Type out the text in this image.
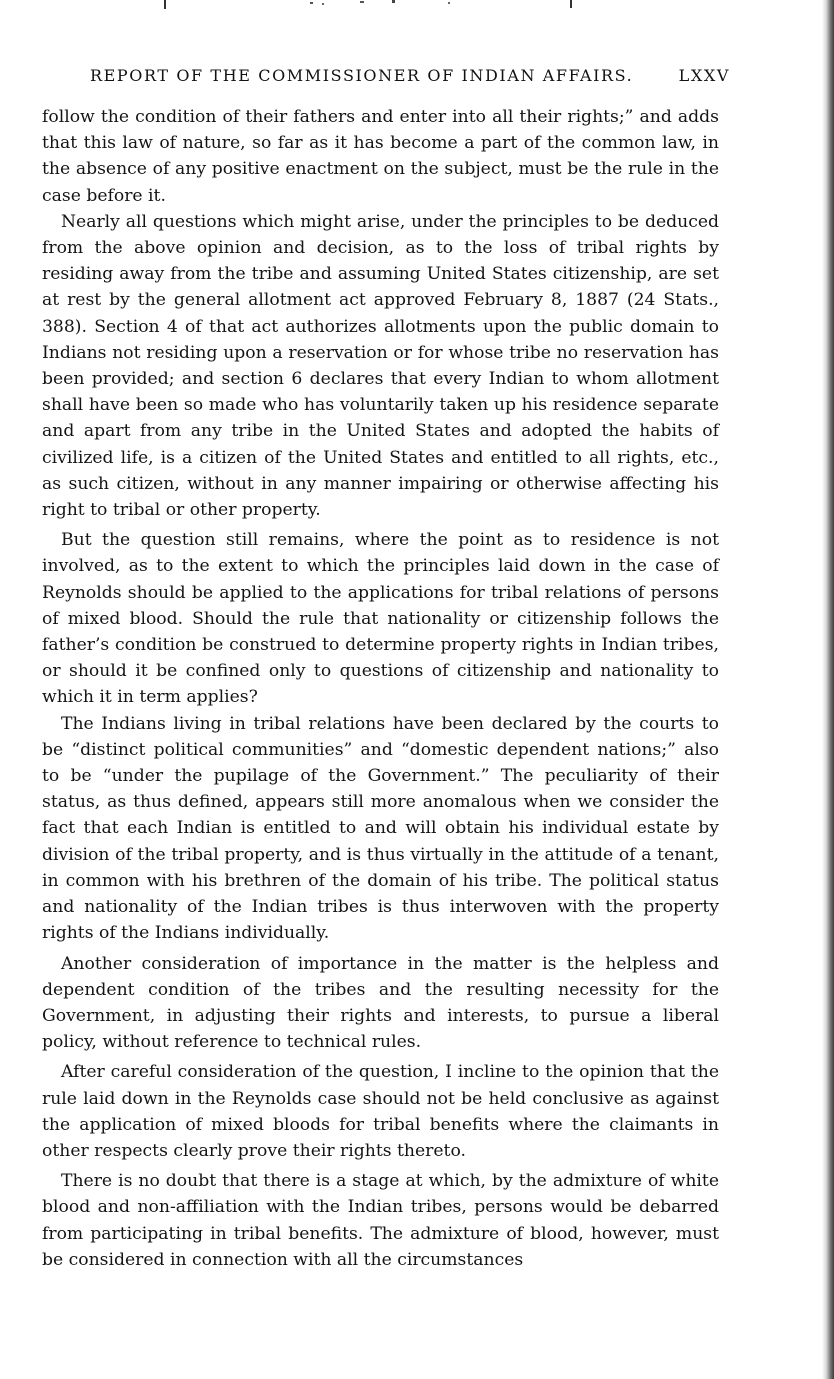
REPORT OF THE COMMISSIONER OF INDIAN AFFAIRS.	LXXV

follow the condition of their fathers and enter into all their rights;” and adds that this law of nature, so far as it has become a part of the common law, in the absence of any positive enactment on the subject, must be the rule in the case before it.

Nearly all questions which might arise, under the principles to be deduced from the above opinion and decision, as to the loss of tribal rights by residing away from the tribe and assuming United States citizenship, are set at rest by the general allotment act approved February 8, 1887 (24 Stats., 388). Section 4 of that act authorizes allotments upon the public domain to Indians not residing upon a reservation or for whose tribe no reservation has been provided; and section 6 declares that every Indian to whom allotment shall have been so made who has voluntarily taken up his residence separate and apart from any tribe in the United States and adopted the habits of civilized life, is a citizen of the United States and entitled to all rights, etc., as such citizen, without in any manner impairing or otherwise affecting his right to tribal or other property.

But the question still remains, where the point as to residence is not involved, as to the extent to which the principles laid down in the case of Reynolds should be applied to the applications for tribal relations of persons of mixed blood. Should the rule that nationality or citizenship follows the father’s condition be construed to determine property rights in Indian tribes, or should it be confined only to questions of citizenship and nationality to which it in term applies?

The Indians living in tribal relations have been declared by the courts to be “distinct political communities” and “domestic dependent nations;” also to be “under the pupilage of the Government.” The peculiarity of their status, as thus defined, appears still more anomalous when we consider the fact that each Indian is entitled to and will obtain his individual estate by division of the tribal property, and is thus virtually in the attitude of a tenant, in common with his brethren of the domain of his tribe. The political status and nationality of the Indian tribes is thus interwoven with the property rights of the Indians individually.

Another consideration of importance in the matter is the helpless and dependent condition of the tribes and the resulting necessity for the Government, in adjusting their rights and interests, to pursue a liberal policy, without reference to technical rules.

After careful consideration of the question, I incline to the opinion that the rule laid down in the Reynolds case should not be held conclusive as against the application of mixed bloods for tribal benefits where the claimants in other respects clearly prove their rights thereto.

There is no doubt that there is a stage at which, by the admixture of white blood and non-affiliation with the Indian tribes, persons would be debarred from participating in tribal benefits. The admixture of blood, however, must be considered in connection with all the circumstances
